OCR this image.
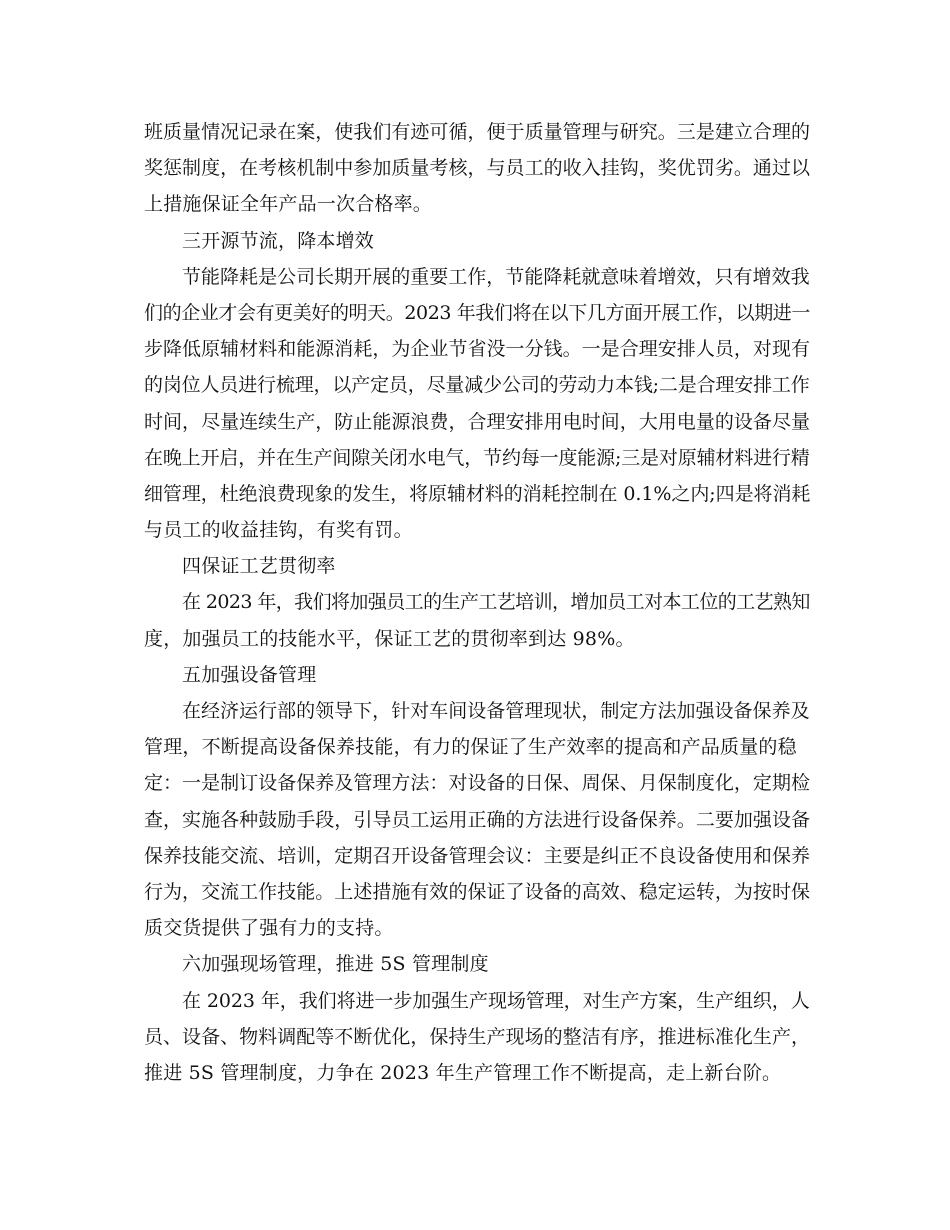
班质量情况记录在案，使我们有迹可循，便于质量管理与研究。三是建立合理的
奖惩制度，在考核机制中参加质量考核，与员工的收入挂钩，奖优罚劣。通过以
上措施保证全年产品一次合格率。
三开源节流，降本增效
节能降耗是公司长期开展的重要工作，节能降耗就意味着增效，只有增效我
们的企业才会有更美好的明天。2023 年我们将在以下几方面开展工作，以期进一
步降低原辅材料和能源消耗，为企业节省没一分钱。一是合理安排人员，对现有
的岗位人员进行梳理，以产定员，尽量减少公司的劳动力本钱;二是合理安排工作
时间，尽量连续生产，防止能源浪费，合理安排用电时间，大用电量的设备尽量
在晚上开启，并在生产间隙关闭水电气，节约每一度能源;三是对原辅材料进行精
细管理，杜绝浪费现象的发生，将原辅材料的消耗控制在 0.1%之内;四是将消耗
与员工的收益挂钩，有奖有罚。
四保证工艺贯彻率
在 2023 年，我们将加强员工的生产工艺培训，增加员工对本工位的工艺熟知
度，加强员工的技能水平，保证工艺的贯彻率到达 98%。
五加强设备管理
在经济运行部的领导下，针对车间设备管理现状，制定方法加强设备保养及
管理，不断提高设备保养技能，有力的保证了生产效率的提高和产品质量的稳
定：一是制订设备保养及管理方法：对设备的日保、周保、月保制度化，定期检
查，实施各种鼓励手段，引导员工运用正确的方法进行设备保养。二要加强设备
保养技能交流、培训，定期召开设备管理会议：主要是纠正不良设备使用和保养
行为，交流工作技能。上述措施有效的保证了设备的高效、稳定运转，为按时保
质交货提供了强有力的支持。
六加强现场管理，推进 5S 管理制度
在 2023 年，我们将进一步加强生产现场管理，对生产方案，生产组织，人
员、设备、物料调配等不断优化，保持生产现场的整洁有序，推进标准化生产，
推进 5S 管理制度，力争在 2023 年生产管理工作不断提高，走上新台阶。
